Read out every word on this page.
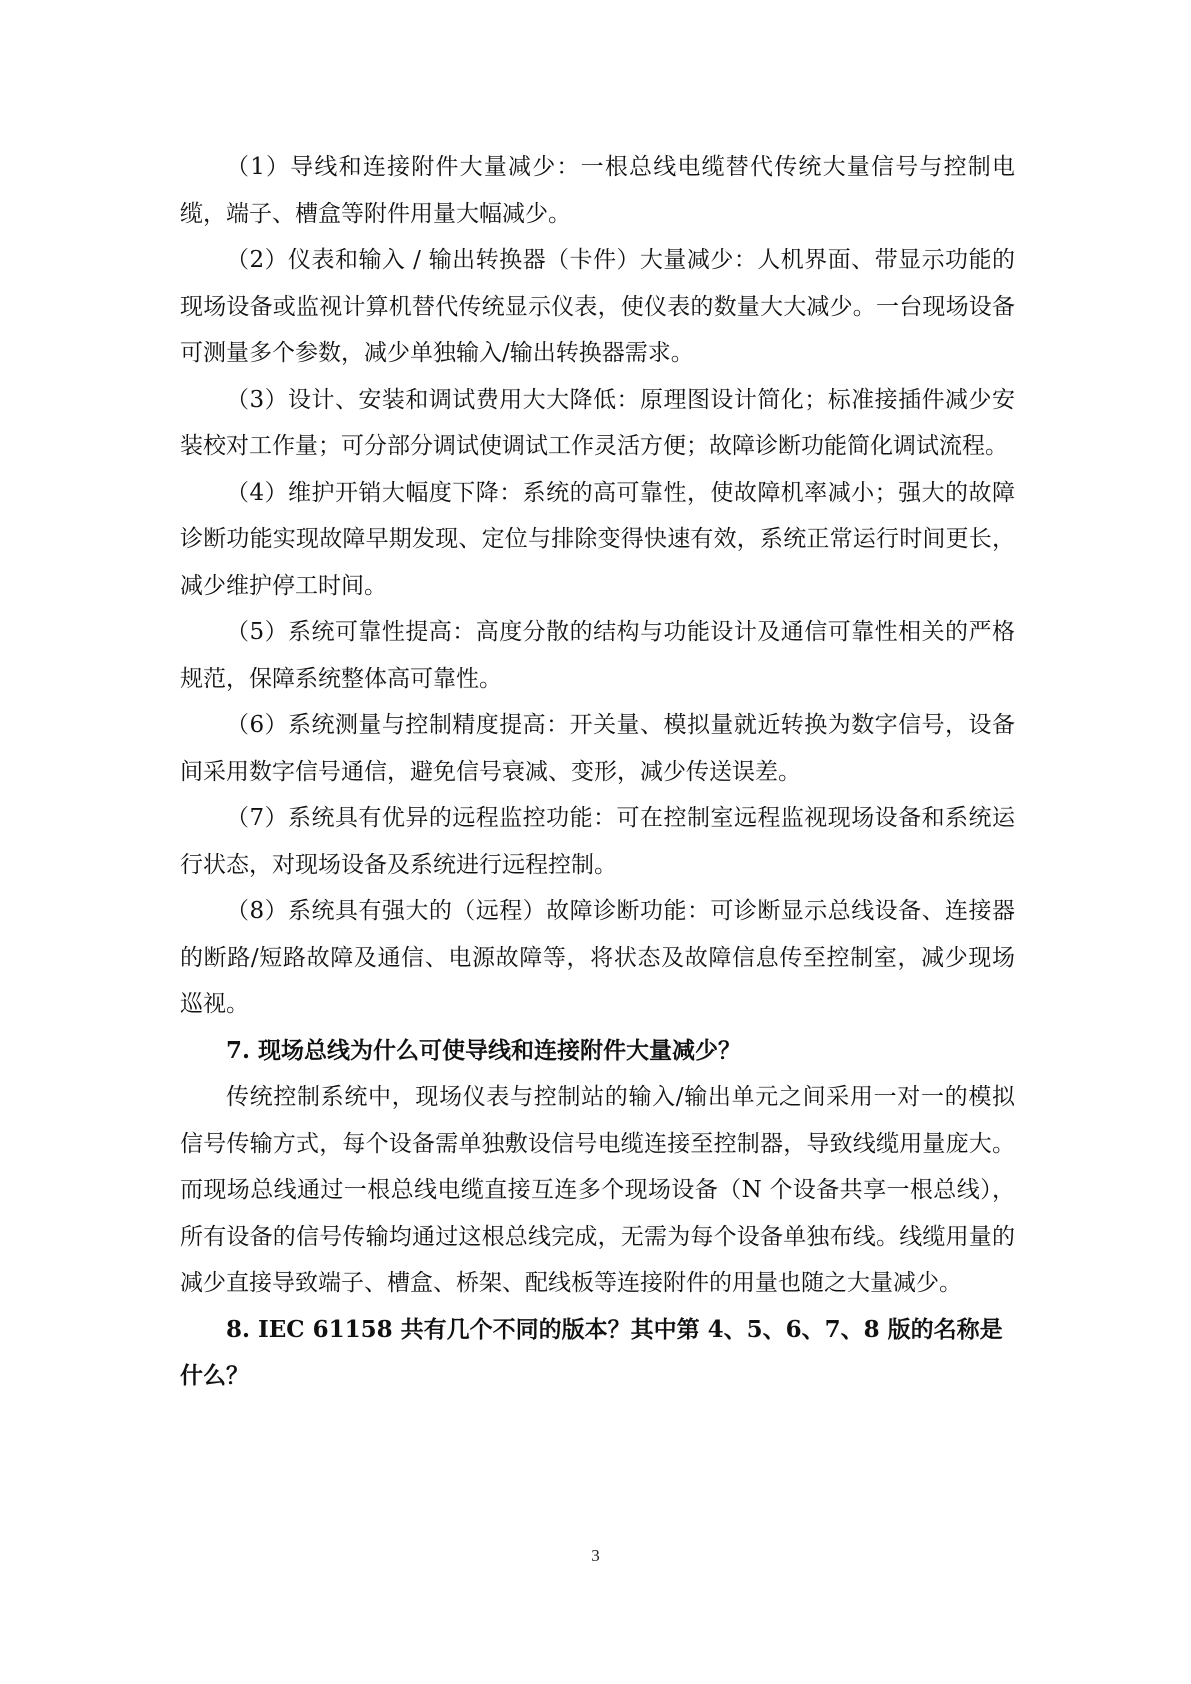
（1）导线和连接附件大量减少：一根总线电缆替代传统大量信号与控制电缆，端子、槽盒等附件用量大幅减少。

（2）仪表和输入 / 输出转换器（卡件）大量减少：人机界面、带显示功能的现场设备或监视计算机替代传统显示仪表，使仪表的数量大大减少。一台现场设备可测量多个参数，减少单独输入/输出转换器需求。

（3）设计、安装和调试费用大大降低：原理图设计简化；标准接插件减少安装校对工作量；可分部分调试使调试工作灵活方便；故障诊断功能简化调试流程。

（4）维护开销大幅度下降：系统的高可靠性，使故障机率减小；强大的故障诊断功能实现故障早期发现、定位与排除变得快速有效，系统正常运行时间更长，减少维护停工时间。

（5）系统可靠性提高：高度分散的结构与功能设计及通信可靠性相关的严格规范，保障系统整体高可靠性。

（6）系统测量与控制精度提高：开关量、模拟量就近转换为数字信号，设备间采用数字信号通信，避免信号衰减、变形，减少传送误差。

（7）系统具有优异的远程监控功能：可在控制室远程监视现场设备和系统运行状态，对现场设备及系统进行远程控制。

（8）系统具有强大的（远程）故障诊断功能：可诊断显示总线设备、连接器的断路/短路故障及通信、电源故障等，将状态及故障信息传至控制室，减少现场巡视。

7. 现场总线为什么可使导线和连接附件大量减少？

传统控制系统中，现场仪表与控制站的输入/输出单元之间采用一对一的模拟信号传输方式，每个设备需单独敷设信号电缆连接至控制器，导致线缆用量庞大。而现场总线通过一根总线电缆直接互连多个现场设备（N 个设备共享一根总线），所有设备的信号传输均通过这根总线完成，无需为每个设备单独布线。线缆用量的减少直接导致端子、槽盒、桥架、配线板等连接附件的用量也随之大量减少。

8. IEC 61158 共有几个不同的版本？其中第 4、5、6、7、8 版的名称是什么？

3
